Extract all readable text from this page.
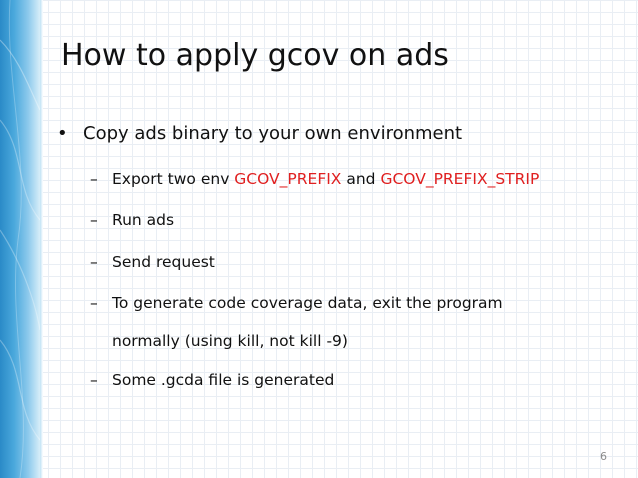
How to apply gcov on ads
• Copy ads binary to your own environment
– Export two env GCOV_PREFIX and GCOV_PREFIX_STRIP
– Run ads
– Send request
– To generate code coverage data, exit the program
normally (using kill, not kill -9)
– Some .gcda file is generated
6
